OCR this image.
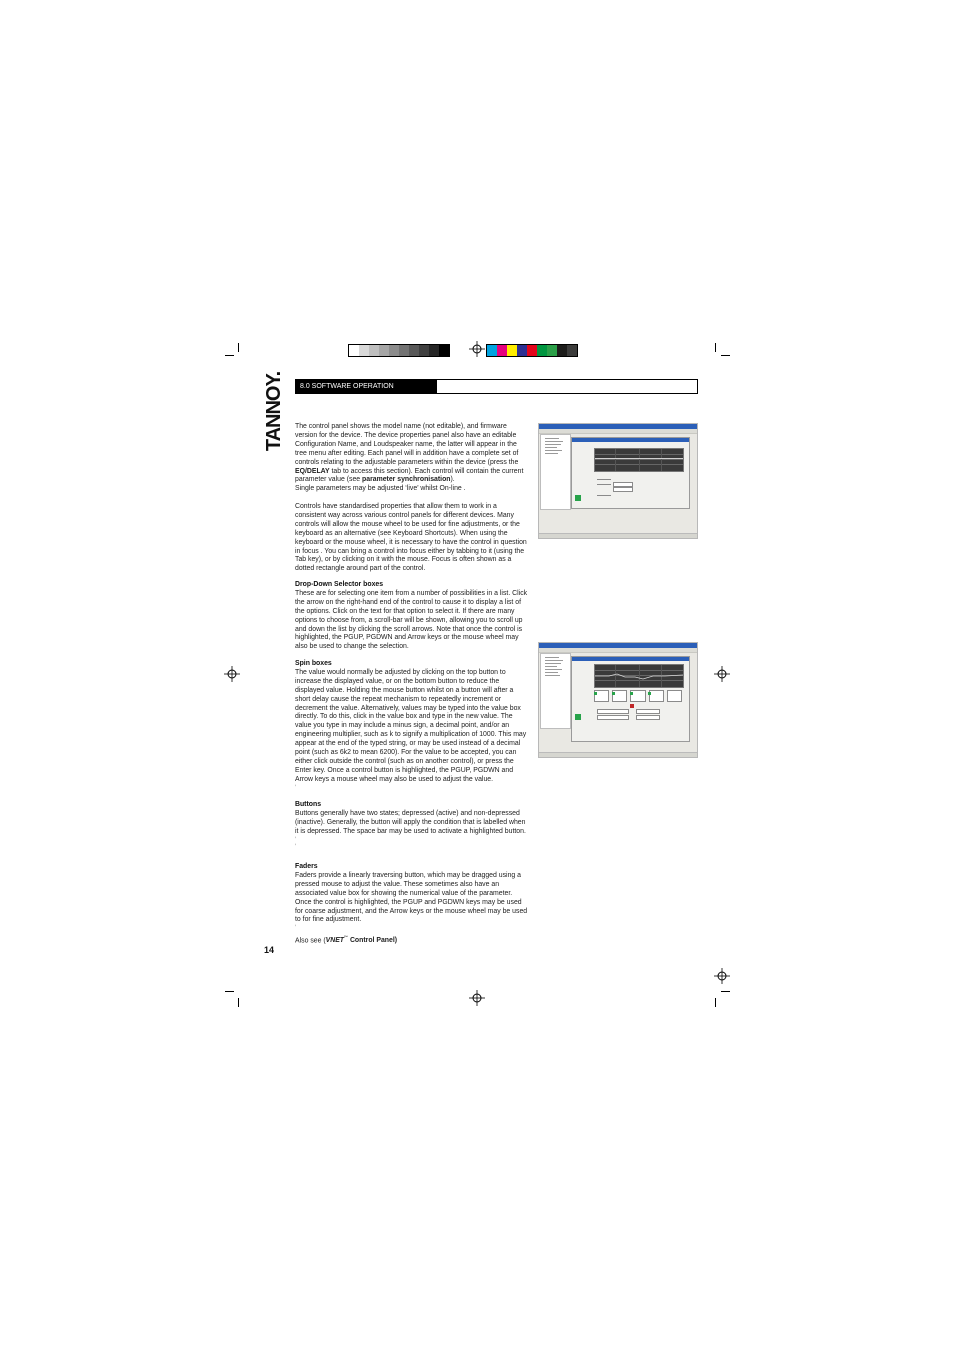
TANNOY.	8.0 SOFTWARE OPERATION

The control panel shows the model name (not editable), and firmware version for the device. The device properties panel also have an editable Configuration Name, and Loudspeaker name, the latter will appear in the tree menu after editing. Each panel will in addition have a complete set of controls relating to the adjustable parameters within the device (press the EQ/DELAY tab to access this section). Each control will contain the current parameter value (see parameter synchronisation).

Single parameters may be adjusted ‘live’ whilst On-line .

Controls have standardised properties that allow them to work in a consistent way across various control panels for different devices. Many controls will allow the mouse wheel to be used for fine adjustments, or the keyboard as an alternative (see Keyboard Shortcuts). When using the keyboard or the mouse wheel, it is necessary to have the control in question in focus . You can bring a control into focus either by tabbing to it (using the Tab key), or by clicking on it with the mouse. Focus is often shown as a dotted rectangle around part of the control.

Drop-Down Selector boxes

These are for selecting one item from a number of possibilities in a list. Click the arrow on the right-hand end of the control to cause it to display a list of the options. Click on the text for that option to select it. If there are many options to choose from, a scroll-bar will be shown, allowing you to scroll up and down the list by clicking the scroll arrows. Note that once the control is highlighted, the PGUP, PGDWN and Arrow keys or the mouse wheel may also be used to change the selection.

Spin boxes

The value would normally be adjusted by clicking on the top button to increase the displayed value, or on the bottom button to reduce the displayed value. Holding the mouse button whilst on a button will after a short delay cause the repeat mechanism to repeatedly increment or decrement the value. Alternatively, values may be typed into the value box directly. To do this, click in the value box and type in the new value. The value you type in may include a minus sign, a decimal point, and/or an engineering multiplier, such as k to signify a multiplication of 1000. This may appear at the end of the typed string, or may be used instead of a decimal point (such as 6k2 to mean 6200). For the value to be accepted, you can either click outside the control (such as on another control), or press the Enter key. Once a control button is highlighted, the PGUP, PGDWN and Arrow keys a mouse wheel may also be used to adjust the value.

‘

Buttons

Buttons generally have two states; depressed (active) and non-depressed (inactive). Generally, the button will apply the condition that is labelled when it is depressed. The space bar may be used to activate a highlighted button.

‘

‘

Faders

Faders provide a linearly traversing button, which may be dragged using a pressed mouse to adjust the value. These sometimes also have an associated value box for showing the numerical value of the parameter. Once the control is highlighted, the PGUP and PGDWN keys may be used for coarse adjustment, and the Arrow keys or the mouse wheel may be used to for fine adjustment.

‘

Also see (VNET™ Control Panel)

14
